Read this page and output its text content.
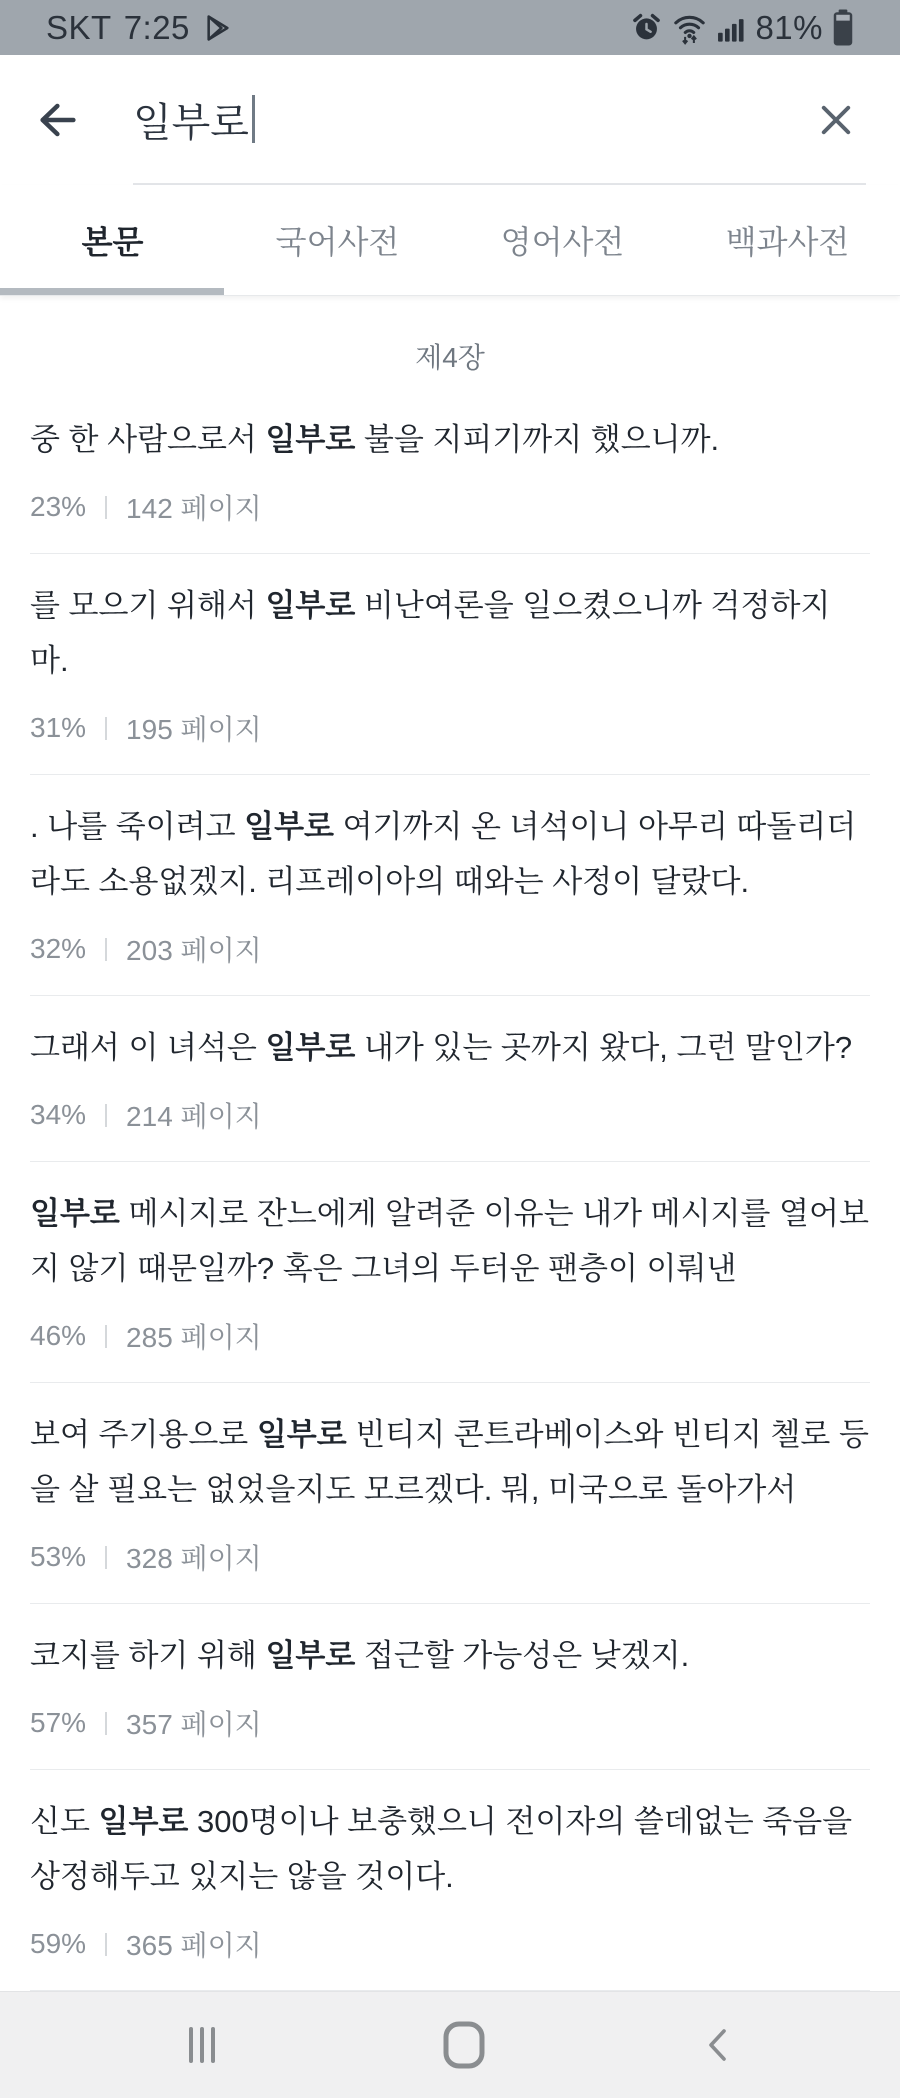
SKT 7:25	81%
일부로
본문	국어사전	영어사전	백과사전
제4장
중 한 사람으로서 일부로 불을 지피기까지 했으니까.
23% 142 페이지
를 모으기 위해서 일부로 비난여론을 일으켰으니까 걱정하지 마.
31% 195 페이지
. 나를 죽이려고 일부로 여기까지 온 녀석이니 아무리 따돌리더라도 소용없겠지. 리프레이아의 때와는 사정이 달랐다.
32% 203 페이지
그래서 이 녀석은 일부로 내가 있는 곳까지 왔다, 그런 말인가?
34% 214 페이지
일부로 메시지로 잔느에게 알려준 이유는 내가 메시지를 열어보지 않기 때문일까? 혹은 그녀의 두터운 팬층이 이뤄낸
46% 285 페이지
보여 주기용으로 일부로 빈티지 콘트라베이스와 빈티지 첼로 등을 살 필요는 없었을지도 모르겠다. 뭐, 미국으로 돌아가서
53% 328 페이지
코지를 하기 위해 일부로 접근할 가능성은 낮겠지.
57% 357 페이지
신도 일부로 300명이나 보충했으니 전이자의 쓸데없는 죽음을 상정해두고 있지는 않을 것이다.
59% 365 페이지
